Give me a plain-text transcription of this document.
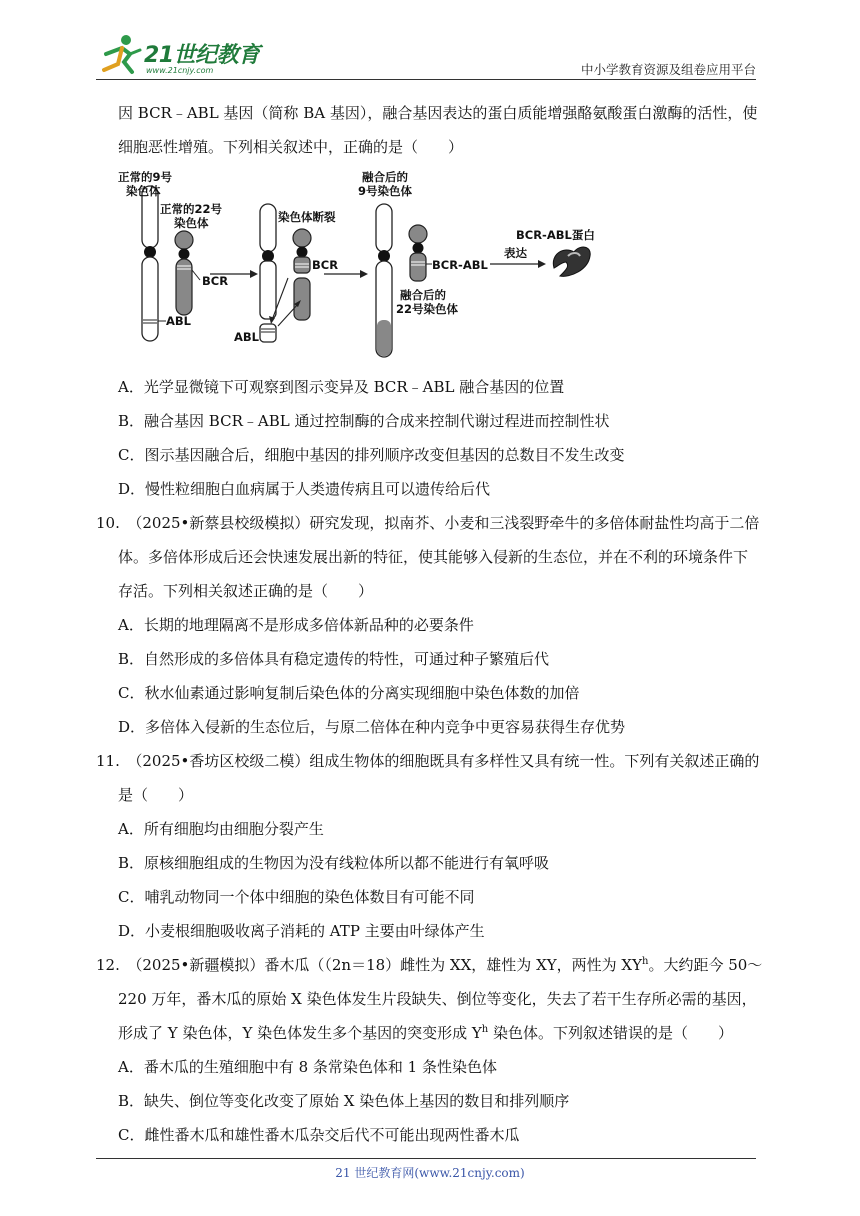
21世纪教育
www.21cnjy.com	中小学教育资源及组卷应用平台

因 BCR﹣ABL 基因（简称 BA 基因），融合基因表达的蛋白质能增强酪氨酸蛋白激酶的活性，使

细胞恶性增殖。下列相关叙述中，正确的是（　　）

正常的9号
染色体
正常的22号
染色体
BCR
ABL
染色体断裂
BCR
ABL
融合后的
9号染色体
BCR-ABL
融合后的
22号染色体
表达
BCR-ABL蛋白

A．光学显微镜下可观察到图示变异及 BCR﹣ABL 融合基因的位置

B．融合基因 BCR﹣ABL 通过控制酶的合成来控制代谢过程进而控制性状

C．图示基因融合后，细胞中基因的排列顺序改变但基因的总数目不发生改变

D．慢性粒细胞白血病属于人类遗传病且可以遗传给后代

10.　（2025•新蔡县校级模拟）研究发现，拟南芥、小麦和三浅裂野牵牛的多倍体耐盐性均高于二倍

体。多倍体形成后还会快速发展出新的特征，使其能够入侵新的生态位，并在不利的环境条件下

存活。下列相关叙述正确的是（　　）

A．长期的地理隔离不是形成多倍体新品种的必要条件

B．自然形成的多倍体具有稳定遗传的特性，可通过种子繁殖后代

C．秋水仙素通过影响复制后染色体的分离实现细胞中染色体数的加倍

D．多倍体入侵新的生态位后，与原二倍体在种内竞争中更容易获得生存优势

11.　（2025•香坊区校级二模）组成生物体的细胞既具有多样性又具有统一性。下列有关叙述正确的

是（　　）

A．所有细胞均由细胞分裂产生

B．原核细胞组成的生物因为没有线粒体所以都不能进行有氧呼吸

C．哺乳动物同一个体中细胞的染色体数目有可能不同

D．小麦根细胞吸收离子消耗的 ATP 主要由叶绿体产生

12.　（2025•新疆模拟）番木瓜（（2n＝18）雌性为 XX，雄性为 XY，两性为 $XY^h$。大约距今 50～

220 万年，番木瓜的原始 X 染色体发生片段缺失、倒位等变化，失去了若干生存所必需的基因，

形成了 Y 染色体，Y 染色体发生多个基因的突变形成 $Y^h$ 染色体。下列叙述错误的是（　　）

A．番木瓜的生殖细胞中有 8 条常染色体和 1 条性染色体

B．缺失、倒位等变化改变了原始 X 染色体上基因的数目和排列顺序

C．雌性番木瓜和雄性番木瓜杂交后代不可能出现两性番木瓜

21 世纪教育网(www.21cnjy.com)
